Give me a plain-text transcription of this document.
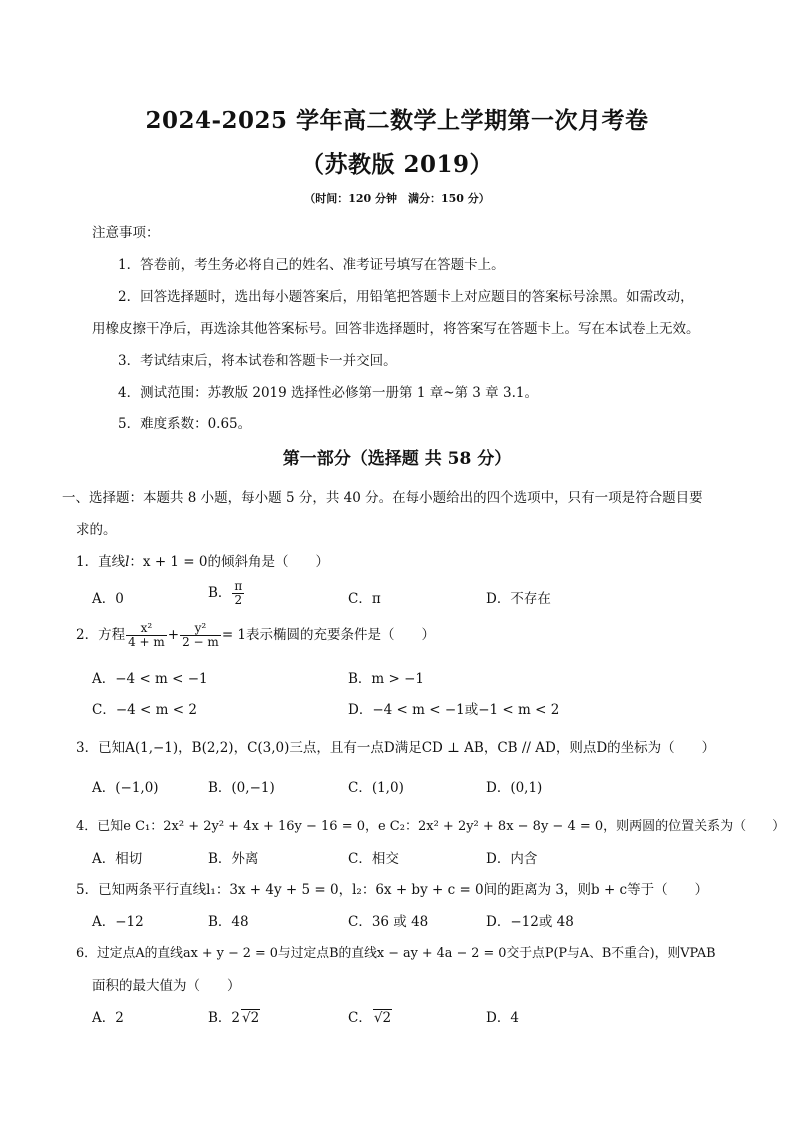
2024-2025 学年高二数学上学期第一次月考卷
（苏教版 2019）
（时间：120 分钟　满分：150 分）
注意事项：
1．答卷前，考生务必将自己的姓名、准考证号填写在答题卡上。
2．回答选择题时，选出每小题答案后，用铅笔把答题卡上对应题目的答案标号涂黑。如需改动，
用橡皮擦干净后，再选涂其他答案标号。回答非选择题时，将答案写在答题卡上。写在本试卷上无效。
3．考试结束后，将本试卷和答题卡一并交回。
4．测试范围：苏教版 2019 选择性必修第一册第 1 章~第 3 章 3.1。
5．难度系数：0.65。
第一部分（选择题 共 58 分）
一、选择题：本题共 8 小题，每小题 5 分，共 40 分。在每小题给出的四个选项中，只有一项是符合题目要
求的。
1．直线l：x + 1 = 0的倾斜角是（　　）
A．0	B． $\frac{\pi}{2}$	C．π	D．不存在
2．方程 $\frac{\text{x²}}{4 + m} + \frac{\text{y²}}{2 - m} = 1$表示椭圆的充要条件是（　　）
A．−4 < m < −1	B．m > −1
C．−4 < m < 2	D．−4 < m < −1或−1 < m < 2
3．已知A(1,−1)，B(2,2)，C(3,0)三点，且有一点D满足CD ⊥ AB，CB // AD，则点D的坐标为（　　）
A．(−1,0)	B．(0,−1)	C．(1,0)	D．(0,1)
4．已知e C₁：2x² + 2y² + 4x + 16y − 16 = 0，e C₂：2x² + 2y² + 8x − 8y − 4 = 0，则两圆的位置关系为（　　）
A．相切	B．外离	C．相交	D．内含
5．已知两条平行直线l₁：3x + 4y + 5 = 0，l₂：6x + by + c = 0间的距离为 3，则b + c等于（　　）
A．−12	B．48	C．36 或 48	D．−12或 48
6．过定点A的直线ax + y − 2 = 0与过定点B的直线x − ay + 4a − 2 = 0交于点P(P与A、B不重合)，则VPAB
面积的最大值为（　　）
A．2	B．2 √2	C． √2	D．4
